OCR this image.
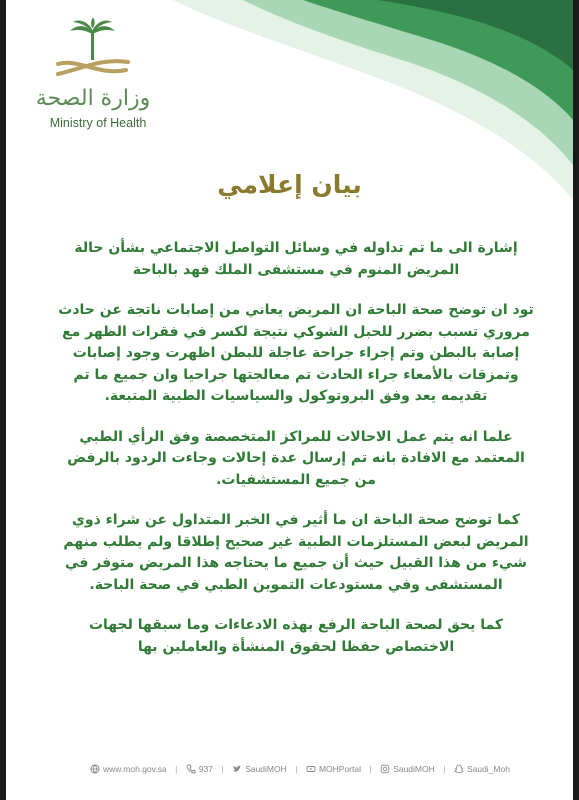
وزارة الصحة
Ministry of Health
بيان إعلامي

إشارة الى ما تم تداوله في وسائل التواصل الاجتماعي بشأن حالة المريض المنوم في مستشفى الملك فهد بالباحة

تود ان توضح صحة الباحة ان المريض يعاني من إصابات ناتجة عن حادث مروري تسبب بضرر للحبل الشوكي نتيجة لكسر في فقرات الظهر مع إصابة بالبطن وتم إجراء جراحة عاجلة للبطن اظهرت وجود إصابات وتمزقات بالأمعاء جراء الحادث تم معالجتها جراحيا وان جميع ما تم تقديمه يعد وفق البروتوكول والسياسيات الطبية المتبعة.

علما انه يتم عمل الاحالات للمراكز المتخصصة وفق الرأي الطبي المعتمد مع الافادة بانه تم إرسال عدة إحالات وجاءت الردود بالرفض من جميع المستشفيات.

كما توضح صحة الباحة ان ما أثير في الخبر المتداول عن شراء ذوي المريض لبعض المستلزمات الطبية غير صحيح إطلاقا ولم يطلب منهم شيء من هذا القبيل حيث أن جميع ما يحتاجه هذا المريض متوفر في المستشفى وفي مستودعات التموين الطبي في صحة الباحة.

كما يحق لصحة الباحة الرفع بهذه الادعاءات وما سبقها لجهات الاختصاص حفظا لحقوق المنشأة والعاملين بها

www.moh.gov.sa |	937 |	SaudiMOH |	MOHPortal |	SaudiMOH |	Saudi_Moh
